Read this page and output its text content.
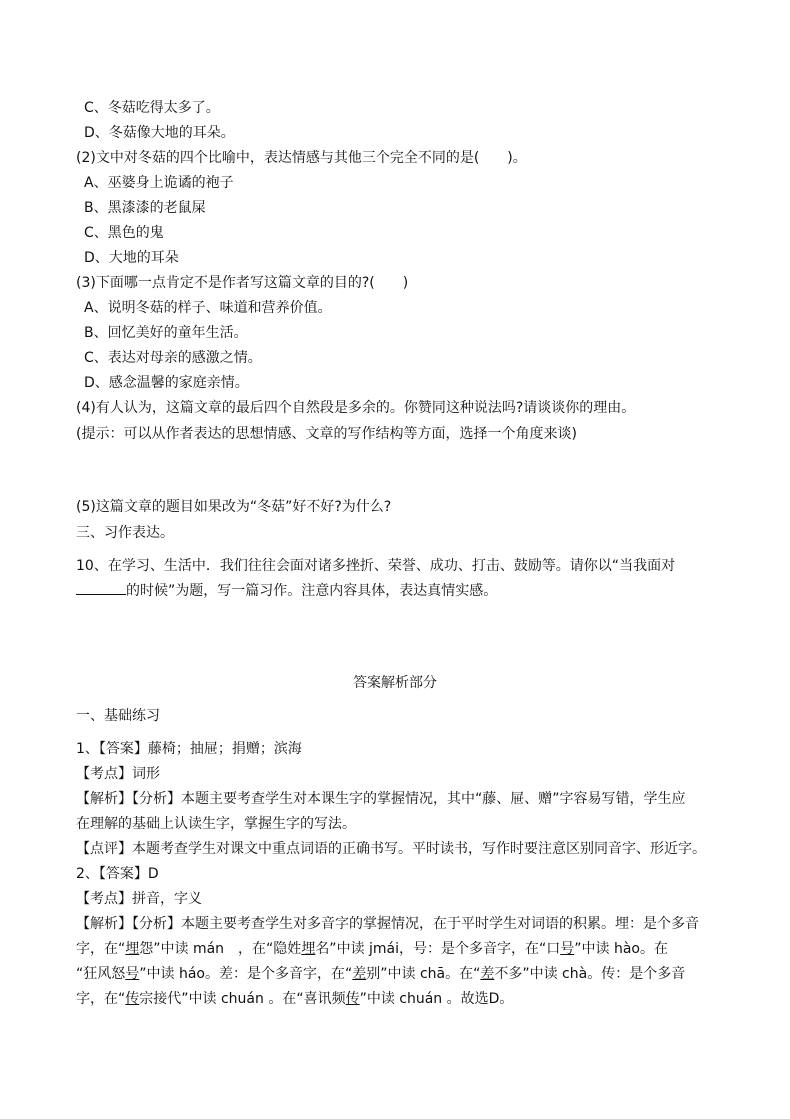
C、冬菇吃得太多了。
D、冬菇像大地的耳朵。
(2)文中对冬菇的四个比喻中，表达情感与其他三个完全不同的是(　　)。
A、巫婆身上诡谲的袍子
B、黑漆漆的老鼠屎
C、黑色的鬼
D、大地的耳朵
(3)下面哪一点肯定不是作者写这篇文章的目的?(　　)
A、说明冬菇的样子、味道和营养价值。
B、回忆美好的童年生活。
C、表达对母亲的感激之情。
D、感念温馨的家庭亲情。
(4)有人认为，这篇文章的最后四个自然段是多余的。你赞同这种说法吗?请谈谈你的理由。
(提示：可以从作者表达的思想情感、文章的写作结构等方面，选择一个角度来谈)
(5)这篇文章的题目如果改为“冬菇”好不好?为什么?
三、习作表达。
10、在学习、生活中．我们往往会面对诸多挫折、荣誉、成功、打击、鼓励等。请你以“当我面对
的时候”为题，写一篇习作。注意内容具体，表达真情实感。
答案解析部分
一、基础练习
1、【答案】藤椅；抽屉；捐赠；滨海
【考点】词形
【解析】【分析】本题主要考查学生对本课生字的掌握情况，其中“藤、屉、赠”字容易写错，学生应
在理解的基础上认读生字，掌握生字的写法。
【点评】本题考查学生对课文中重点词语的正确书写。平时读书，写作时要注意区别同音字、形近字。
2、【答案】D
【考点】拼音，字义
【解析】【分析】本题主要考查学生对多音字的掌握情况，在于平时学生对词语的积累。埋：是个多音
字，在“埋怨”中读 mán　，在“隐姓埋名”中读 jmái，号：是个多音字，在“口号”中读 hào。在
“狂风怒号”中读 háo。差：是个多音字，在“差别”中读 chā。在“差不多”中读 chà。传：是个多音
字，在“传宗接代”中读 chuán 。在“喜讯频传”中读 chuán 。故选D。
